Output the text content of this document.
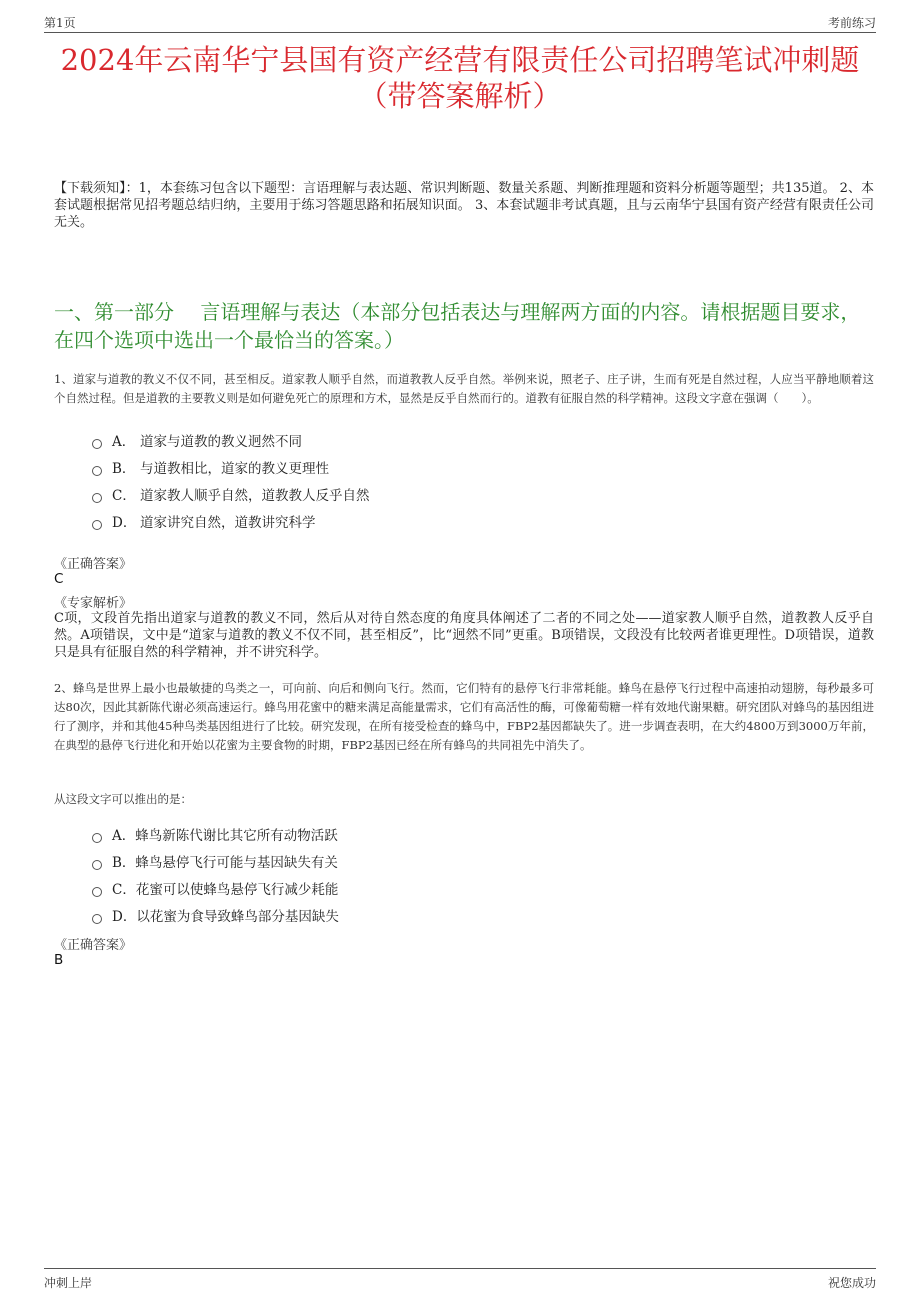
第1页	考前练习
2024年云南华宁县国有资产经营有限责任公司招聘笔试冲刺题
（带答案解析）
【下载须知】：1，本套练习包含以下题型：言语理解与表达题、常识判断题、数量关系题、判断推理题和资料分析题等题型；共135道。 2、本套试题根据常见招考题总结归纳，主要用于练习答题思路和拓展知识面。 3、本套试题非考试真题，且与云南华宁县国有资产经营有限责任公司无关。
一、第一部分　 言语理解与表达（本部分包括表达与理解两方面的内容。请根据题目要求，在四个选项中选出一个最恰当的答案。）
1、道家与道教的教义不仅不同，甚至相反。道家教人顺乎自然，而道教教人反乎自然。举例来说，照老子、庄子讲，生而有死是自然过程，人应当平静地顺着这个自然过程。但是道教的主要教义则是如何避免死亡的原理和方术，显然是反乎自然而行的。道教有征服自然的科学精神。这段文字意在强调（　　）。
A． 道家与道教的教义迥然不同
B． 与道教相比，道家的教义更理性
C． 道家教人顺乎自然，道教教人反乎自然
D． 道家讲究自然，道教讲究科学
《正确答案》
C
《专家解析》
C项，文段首先指出道家与道教的教义不同，然后从对待自然态度的角度具体阐述了二者的不同之处——道家教人顺乎自然，道教教人反乎自然。A项错误，文中是“道家与道教的教义不仅不同，甚至相反”，比“迥然不同”更重。B项错误，文段没有比较两者谁更理性。D项错误，道教只是具有征服自然的科学精神，并不讲究科学。
2、蜂鸟是世界上最小也最敏捷的鸟类之一，可向前、向后和侧向飞行。然而，它们特有的悬停飞行非常耗能。蜂鸟在悬停飞行过程中高速拍动翅膀，每秒最多可达80次，因此其新陈代谢必须高速运行。蜂鸟用花蜜中的糖来满足高能量需求，它们有高活性的酶，可像葡萄糖一样有效地代谢果糖。研究团队对蜂鸟的基因组进行了测序，并和其他45种鸟类基因组进行了比较。研究发现，在所有接受检查的蜂鸟中，FBP2基因都缺失了。进一步调查表明，在大约4800万到3000万年前，在典型的悬停飞行进化和开始以花蜜为主要食物的时期，FBP2基因已经在所有蜂鸟的共同祖先中消失了。
从这段文字可以推出的是：
A． 蜂鸟新陈代谢比其它所有动物活跃
B． 蜂鸟悬停飞行可能与基因缺失有关
C． 花蜜可以使蜂鸟悬停飞行减少耗能
D． 以花蜜为食导致蜂鸟部分基因缺失
《正确答案》
B
冲刺上岸	祝您成功
